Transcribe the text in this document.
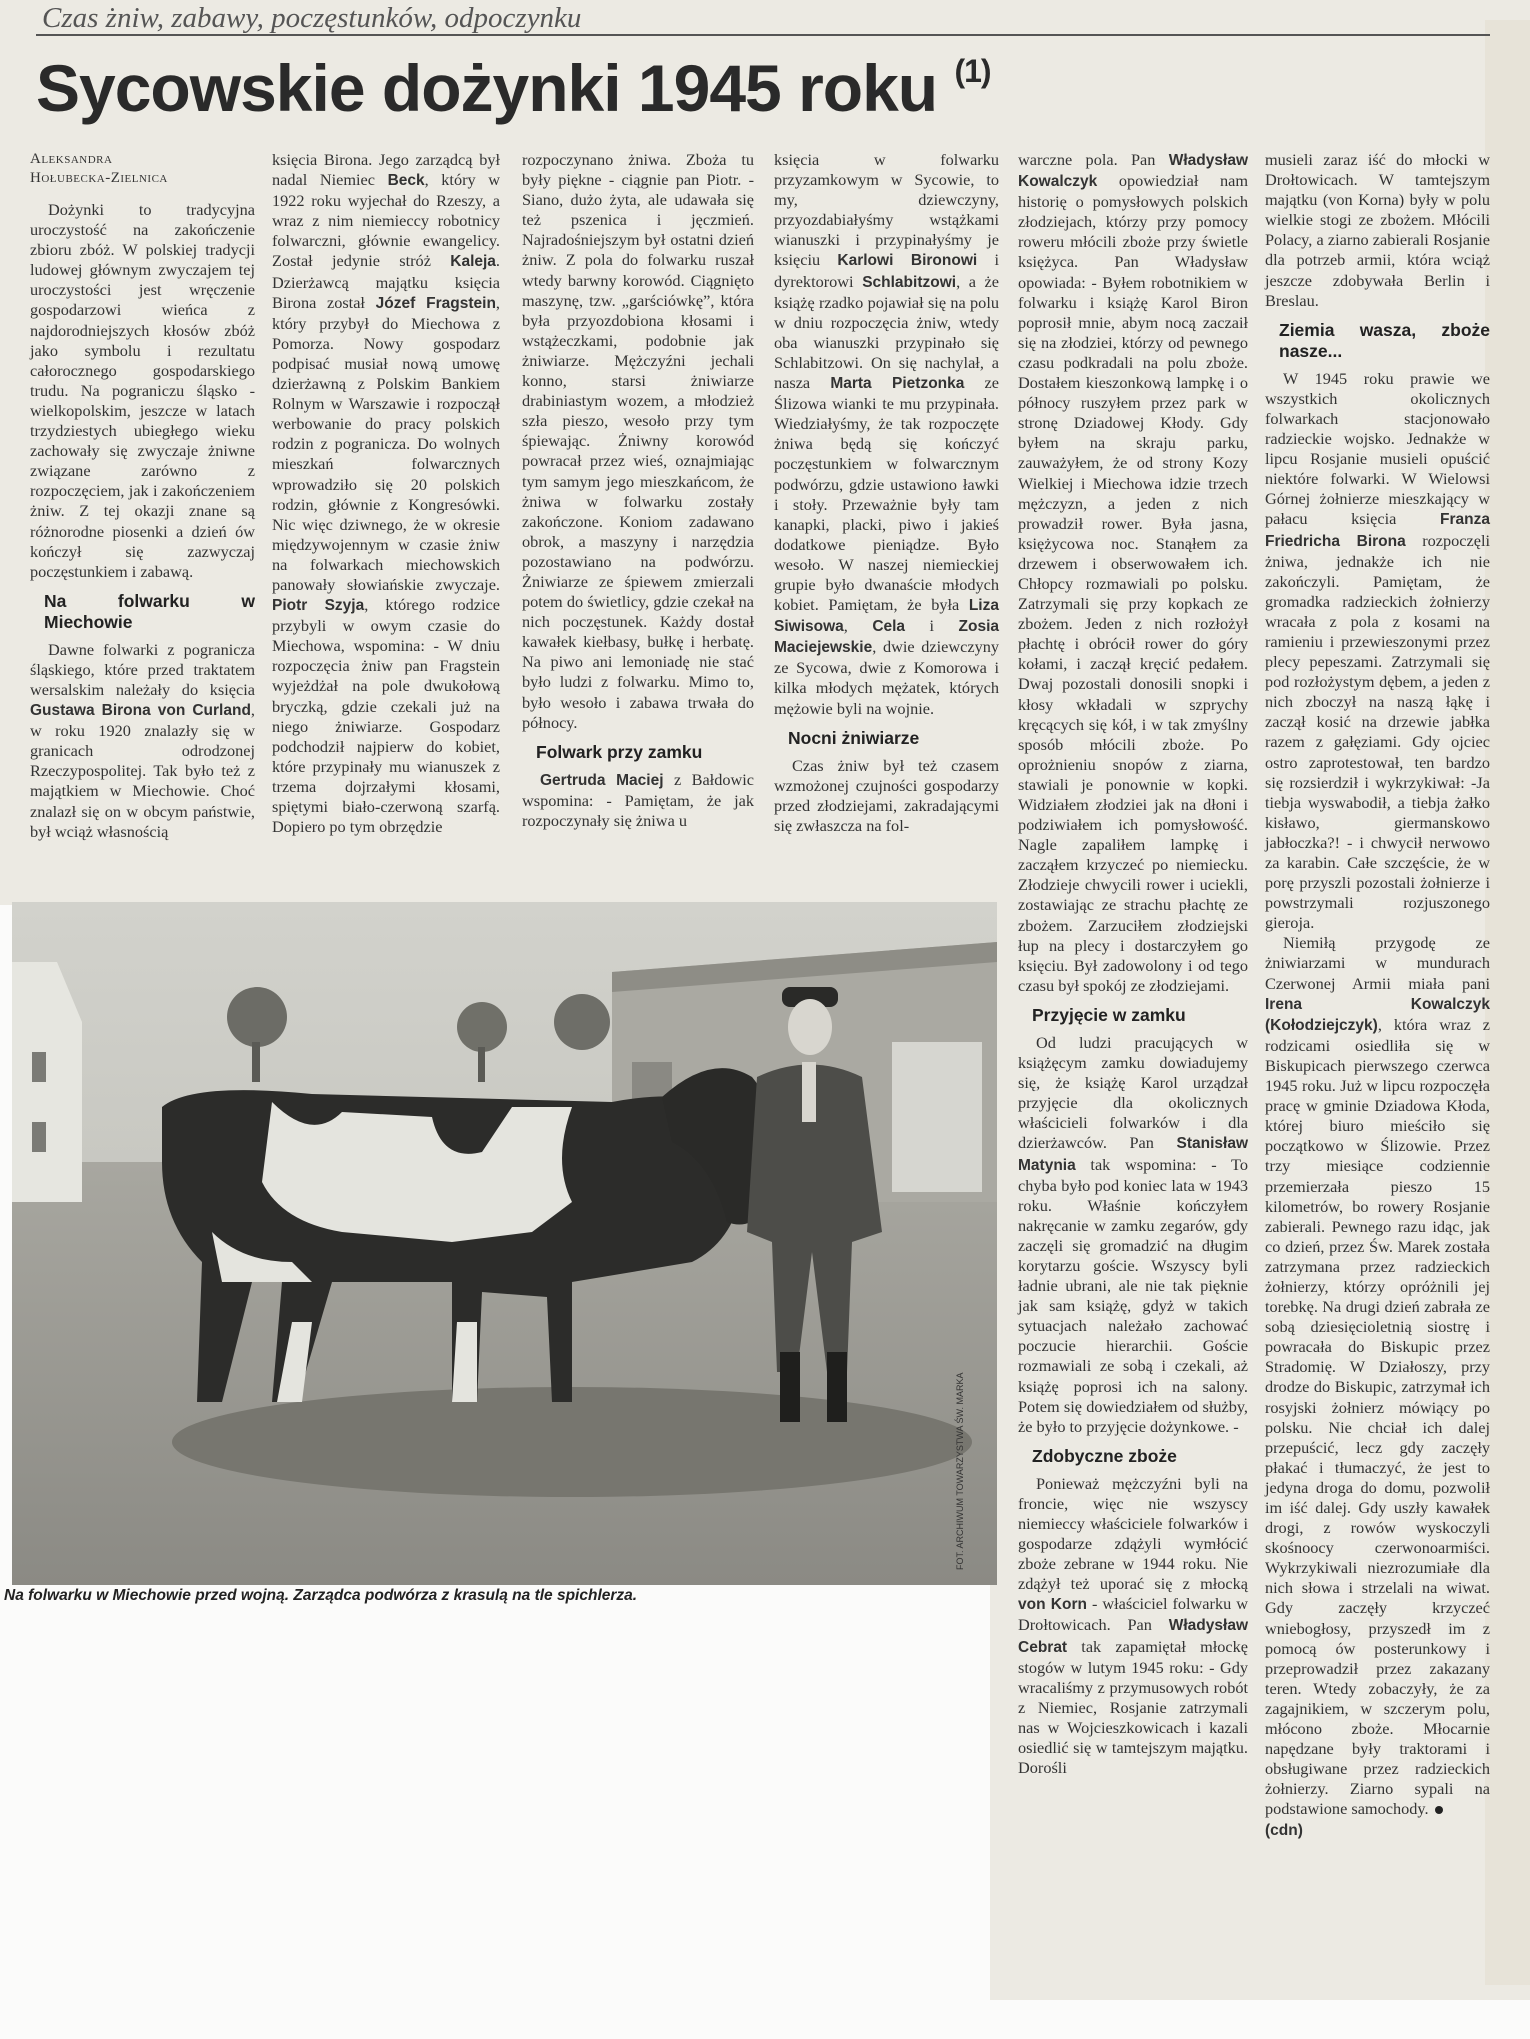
Czas żniw, zabawy, poczęstunków, odpoczynku
Sycowskie dożynki 1945 roku $^{(1)}$
Aleksandra
Hołubecka-Zielnica

Dożynki to tradycyjna uroczystość na zakończenie zbioru zbóż. W polskiej tradycji ludowej głównym zwyczajem tej uroczystości jest wręczenie gospodarzowi wieńca z najdorodniejszych kłosów zbóż jako symbolu i rezultatu całorocznego gospodarskiego trudu. Na pograniczu śląsko - wielkopolskim, jeszcze w latach trzydziestych ubiegłego wieku zachowały się zwyczaje żniwne związane zarówno z rozpoczęciem, jak i zakończeniem żniw. Z tej okazji znane są różnorodne piosenki a dzień ów kończył się zazwyczaj poczęstunkiem i zabawą.

Na folwarku w Miechowie

Dawne folwarki z pogranicza śląskiego, które przed traktatem wersalskim należały do księcia Gustawa Birona von Curland, w roku 1920 znalazły się w granicach odrodzonej Rzeczypospolitej. Tak było też z majątkiem w Miechowie. Choć znalazł się on w obcym państwie, był wciąż własnością

księcia Birona. Jego zarządcą był nadal Niemiec Beck, który w 1922 roku wyjechał do Rzeszy, a wraz z nim niemieccy robotnicy folwarczni, głównie ewangelicy. Został jedynie stróż Kaleja. Dzierżawcą majątku księcia Birona został Józef Fragstein, który przybył do Miechowa z Pomorza. Nowy gospodarz podpisać musiał nową umowę dzierżawną z Polskim Bankiem Rolnym w Warszawie i rozpoczął werbowanie do pracy polskich rodzin z pogranicza. Do wolnych mieszkań folwarcznych wprowadziło się 20 polskich rodzin, głównie z Kongresówki. Nic więc dziwnego, że w okresie międzywojennym w czasie żniw na folwarkach miechowskich panowały słowiańskie zwyczaje. Piotr Szyja, którego rodzice przybyli w owym czasie do Miechowa, wspomina: - W dniu rozpoczęcia żniw pan Fragstein wyjeżdżał na pole dwukołową bryczką, gdzie czekali już na niego żniwiarze. Gospodarz podchodził najpierw do kobiet, które przypinały mu wianuszek z trzema dojrzałymi kłosami, spiętymi biało-czerwoną szarfą. Dopiero po tym obrzędzie

rozpoczynano żniwa. Zboża tu były piękne - ciągnie pan Piotr. - Siano, dużo żyta, ale udawała się też pszenica i jęczmień. Najradośniejszym był ostatni dzień żniw. Z pola do folwarku ruszał wtedy barwny korowód. Ciągnięto maszynę, tzw. „garściówkę”, która była przyozdobiona kłosami i wstążeczkami, podobnie jak żniwiarze. Mężczyźni jechali konno, starsi żniwiarze drabiniastym wozem, a młodzież szła pieszo, wesoło przy tym śpiewając. Żniwny korowód powracał przez wieś, oznajmiając tym samym jego mieszkańcom, że żniwa w folwarku zostały zakończone. Koniom zadawano obrok, a maszyny i narzędzia pozostawiano na podwórzu. Żniwiarze ze śpiewem zmierzali potem do świetlicy, gdzie czekał na nich poczęstunek. Każdy dostał kawałek kiełbasy, bułkę i herbatę. Na piwo ani lemoniadę nie stać było ludzi z folwarku. Mimo to, było wesoło i zabawa trwała do północy.

Folwark przy zamku

Gertruda Maciej z Bałdowic wspomina: - Pamiętam, że jak rozpoczynały się żniwa u

księcia w folwarku przyzamkowym w Sycowie, to my, dziewczyny, przyozdabiałyśmy wstążkami wianuszki i przypinałyśmy je księciu Karlowi Bironowi i dyrektorowi Schlabitzowi, a że książę rzadko pojawiał się na polu w dniu rozpoczęcia żniw, wtedy oba wianuszki przypinało się Schlabitzowi. On się nachylał, a nasza Marta Pietzonka ze Ślizowa wianki te mu przypinała. Wiedziałyśmy, że tak rozpoczęte żniwa będą się kończyć poczęstunkiem w folwarcznym podwórzu, gdzie ustawiono ławki i stoły. Przeważnie były tam kanapki, placki, piwo i jakieś dodatkowe pieniądze. Było wesoło. W naszej niemieckiej grupie było dwanaście młodych kobiet. Pamiętam, że była Liza Siwisowa, Cela i Zosia Maciejewskie, dwie dziewczyny ze Sycowa, dwie z Komorowa i kilka młodych mężatek, których mężowie byli na wojnie.

Nocni żniwiarze

Czas żniw był też czasem wzmożonej czujności gospodarzy przed złodziejami, zakradającymi się zwłaszcza na fol-

warczne pola. Pan Władysław Kowalczyk opowiedział nam historię o pomysłowych polskich złodziejach, którzy przy pomocy roweru młócili zboże przy świetle księżyca. Pan Władysław opowiada: - Byłem robotnikiem w folwarku i książę Karol Biron poprosił mnie, abym nocą zaczaił się na złodziei, którzy od pewnego czasu podkradali na polu zboże. Dostałem kieszonkową lampkę i o północy ruszyłem przez park w stronę Dziadowej Kłody. Gdy byłem na skraju parku, zauważyłem, że od strony Kozy Wielkiej i Miechowa idzie trzech mężczyzn, a jeden z nich prowadził rower. Była jasna, księżycowa noc. Stanąłem za drzewem i obserwowałem ich. Chłopcy rozmawiali po polsku. Zatrzymali się przy kopkach ze zbożem. Jeden z nich rozłożył płachtę i obrócił rower do góry kołami, i zaczął kręcić pedałem. Dwaj pozostali donosili snopki i kłosy wkładali w szprychy kręcących się kół, i w tak zmyślny sposób młócili zboże. Po oprożnieniu snopów z ziarna, stawiali je ponownie w kopki. Widziałem złodziei jak na dłoni i podziwiałem ich pomysłowość. Nagle zapaliłem lampkę i zacząłem krzyczeć po niemiecku. Złodzieje chwycili rower i uciekli, zostawiając ze strachu płachtę ze zbożem. Zarzuciłem złodziejski łup na plecy i dostarczyłem go księciu. Był zadowolony i od tego czasu był spokój ze złodziejami.

Przyjęcie w zamku

Od ludzi pracujących w książęcym zamku dowiadujemy się, że książę Karol urządzał przyjęcie dla okolicznych właścicieli folwarków i dla dzierżawców. Pan Stanisław Matynia tak wspomina: - To chyba było pod koniec lata w 1943 roku. Właśnie kończyłem nakręcanie w zamku zegarów, gdy zaczęli się gromadzić na długim korytarzu goście. Wszyscy byli ładnie ubrani, ale nie tak pięknie jak sam książę, gdyż w takich sytuacjach należało zachować poczucie hierarchii. Goście rozmawiali ze sobą i czekali, aż książę poprosi ich na salony. Potem się dowiedziałem od służby, że było to przyjęcie dożynkowe. -

Zdobyczne zboże

Ponieważ mężczyźni byli na froncie, więc nie wszyscy niemieccy właściciele folwarków i gospodarze zdążyli wymłócić zboże zebrane w 1944 roku. Nie zdążył też uporać się z młocką von Korn - właściciel folwarku w Drołtowicach. Pan Władysław Cebrat tak zapamiętał młockę stogów w lutym 1945 roku: - Gdy wracaliśmy z przymusowych robót z Niemiec, Rosjanie zatrzymali nas w Wojcieszkowicach i kazali osiedlić się w tamtejszym majątku. Dorośli

musieli zaraz iść do młocki w Drołtowicach. W tamtejszym majątku (von Korna) były w polu wielkie stogi ze zbożem. Młócili Polacy, a ziarno zabierali Rosjanie dla potrzeb armii, która wciąż jeszcze zdobywała Berlin i Breslau.

Ziemia wasza, zboże nasze...

W 1945 roku prawie we wszystkich okolicznych folwarkach stacjonowało radzieckie wojsko. Jednakże w lipcu Rosjanie musieli opuścić niektóre folwarki. W Wielowsi Górnej żołnierze mieszkający w pałacu księcia Franza Friedricha Birona rozpoczęli żniwa, jednakże ich nie zakończyli. Pamiętam, że gromadka radzieckich żołnierzy wracała z pola z kosami na ramieniu i przewieszonymi przez plecy pepeszami. Zatrzymali się pod rozłożystym dębem, a jeden z nich zboczył na naszą łąkę i zaczął kosić na drzewie jabłka razem z gałęziami. Gdy ojciec ostro zaprotestował, ten bardzo się rozsierdził i wykrzykiwał: -Ja tiebja wyswabodił, a tiebja żałko kisławo, giermanskowo jabłoczka?! - i chwycił nerwowo za karabin. Całe szczęście, że w porę przyszli pozostali żołnierze i powstrzymali rozjuszonego gieroja.

Niemiłą przygodę ze żniwiarzami w mundurach Czerwonej Armii miała pani Irena Kowalczyk (Kołodziejczyk), która wraz z rodzicami osiedliła się w Biskupicach pierwszego czerwca 1945 roku. Już w lipcu rozpoczęła pracę w gminie Dziadowa Kłoda, której biuro mieściło się początkowo w Ślizowie. Przez trzy miesiące codziennie przemierzała pieszo 15 kilometrów, bo rowery Rosjanie zabierali. Pewnego razu idąc, jak co dzień, przez Św. Marek została zatrzymana przez radzieckich żołnierzy, którzy opróżnili jej torebkę. Na drugi dzień zabrała ze sobą dziesięcioletnią siostrę i powracała do Biskupic przez Stradomię. W Działoszy, przy drodze do Biskupic, zatrzymał ich rosyjski żołnierz mówiący po polsku. Nie chciał ich dalej przepuścić, lecz gdy zaczęły płakać i tłumaczyć, że jest to jedyna droga do domu, pozwolił im iść dalej. Gdy uszły kawałek drogi, z rowów wyskoczyli skośnoocy czerwonoarmiści. Wykrzykiwali niezrozumiałe dla nich słowa i strzelali na wiwat. Gdy zaczęły krzyczeć wniebogłosy, przyszedł im z pomocą ów posterunkowy i przeprowadził przez zakazany teren. Wtedy zobaczyły, że za zagajnikiem, w szczerym polu, młócono zboże. Młocarnie napędzane były traktorami i obsługiwane przez radzieckich żołnierzy. Ziarno sypali na podstawione samochody.

(cdn)

FOT. ARCHIWUM TOWARZYSTWA ŚW. MARKA
Na folwarku w Miechowie przed wojną. Zarządca podwórza z krasulą na tle spichlerza.
